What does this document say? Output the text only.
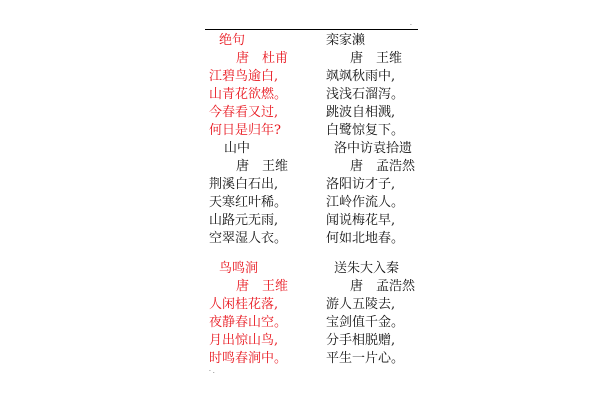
·
绝句
唐　杜甫
江碧鸟逾白,
山青花欲燃。
今春看又过,
何日是归年?
山中
唐　王维
荆溪白石出,
天寒红叶稀。
山路元无雨,
空翠湿人衣。
鸟鸣涧
唐　王维
人闲桂花落,
夜静春山空。
月出惊山鸟,
时鸣春涧中。
栾家濑
唐　王维
飒飒秋雨中,
浅浅石溜泻。
跳波自相溅,
白鹭惊复下。
洛中访袁拾遗
唐　孟浩然
洛阳访才子,
江岭作流人。
闻说梅花早,
何如北地春。
送朱大入秦
唐　孟浩然
游人五陵去,
宝剑值千金。
分手相脱赠,
平生一片心。
· .
